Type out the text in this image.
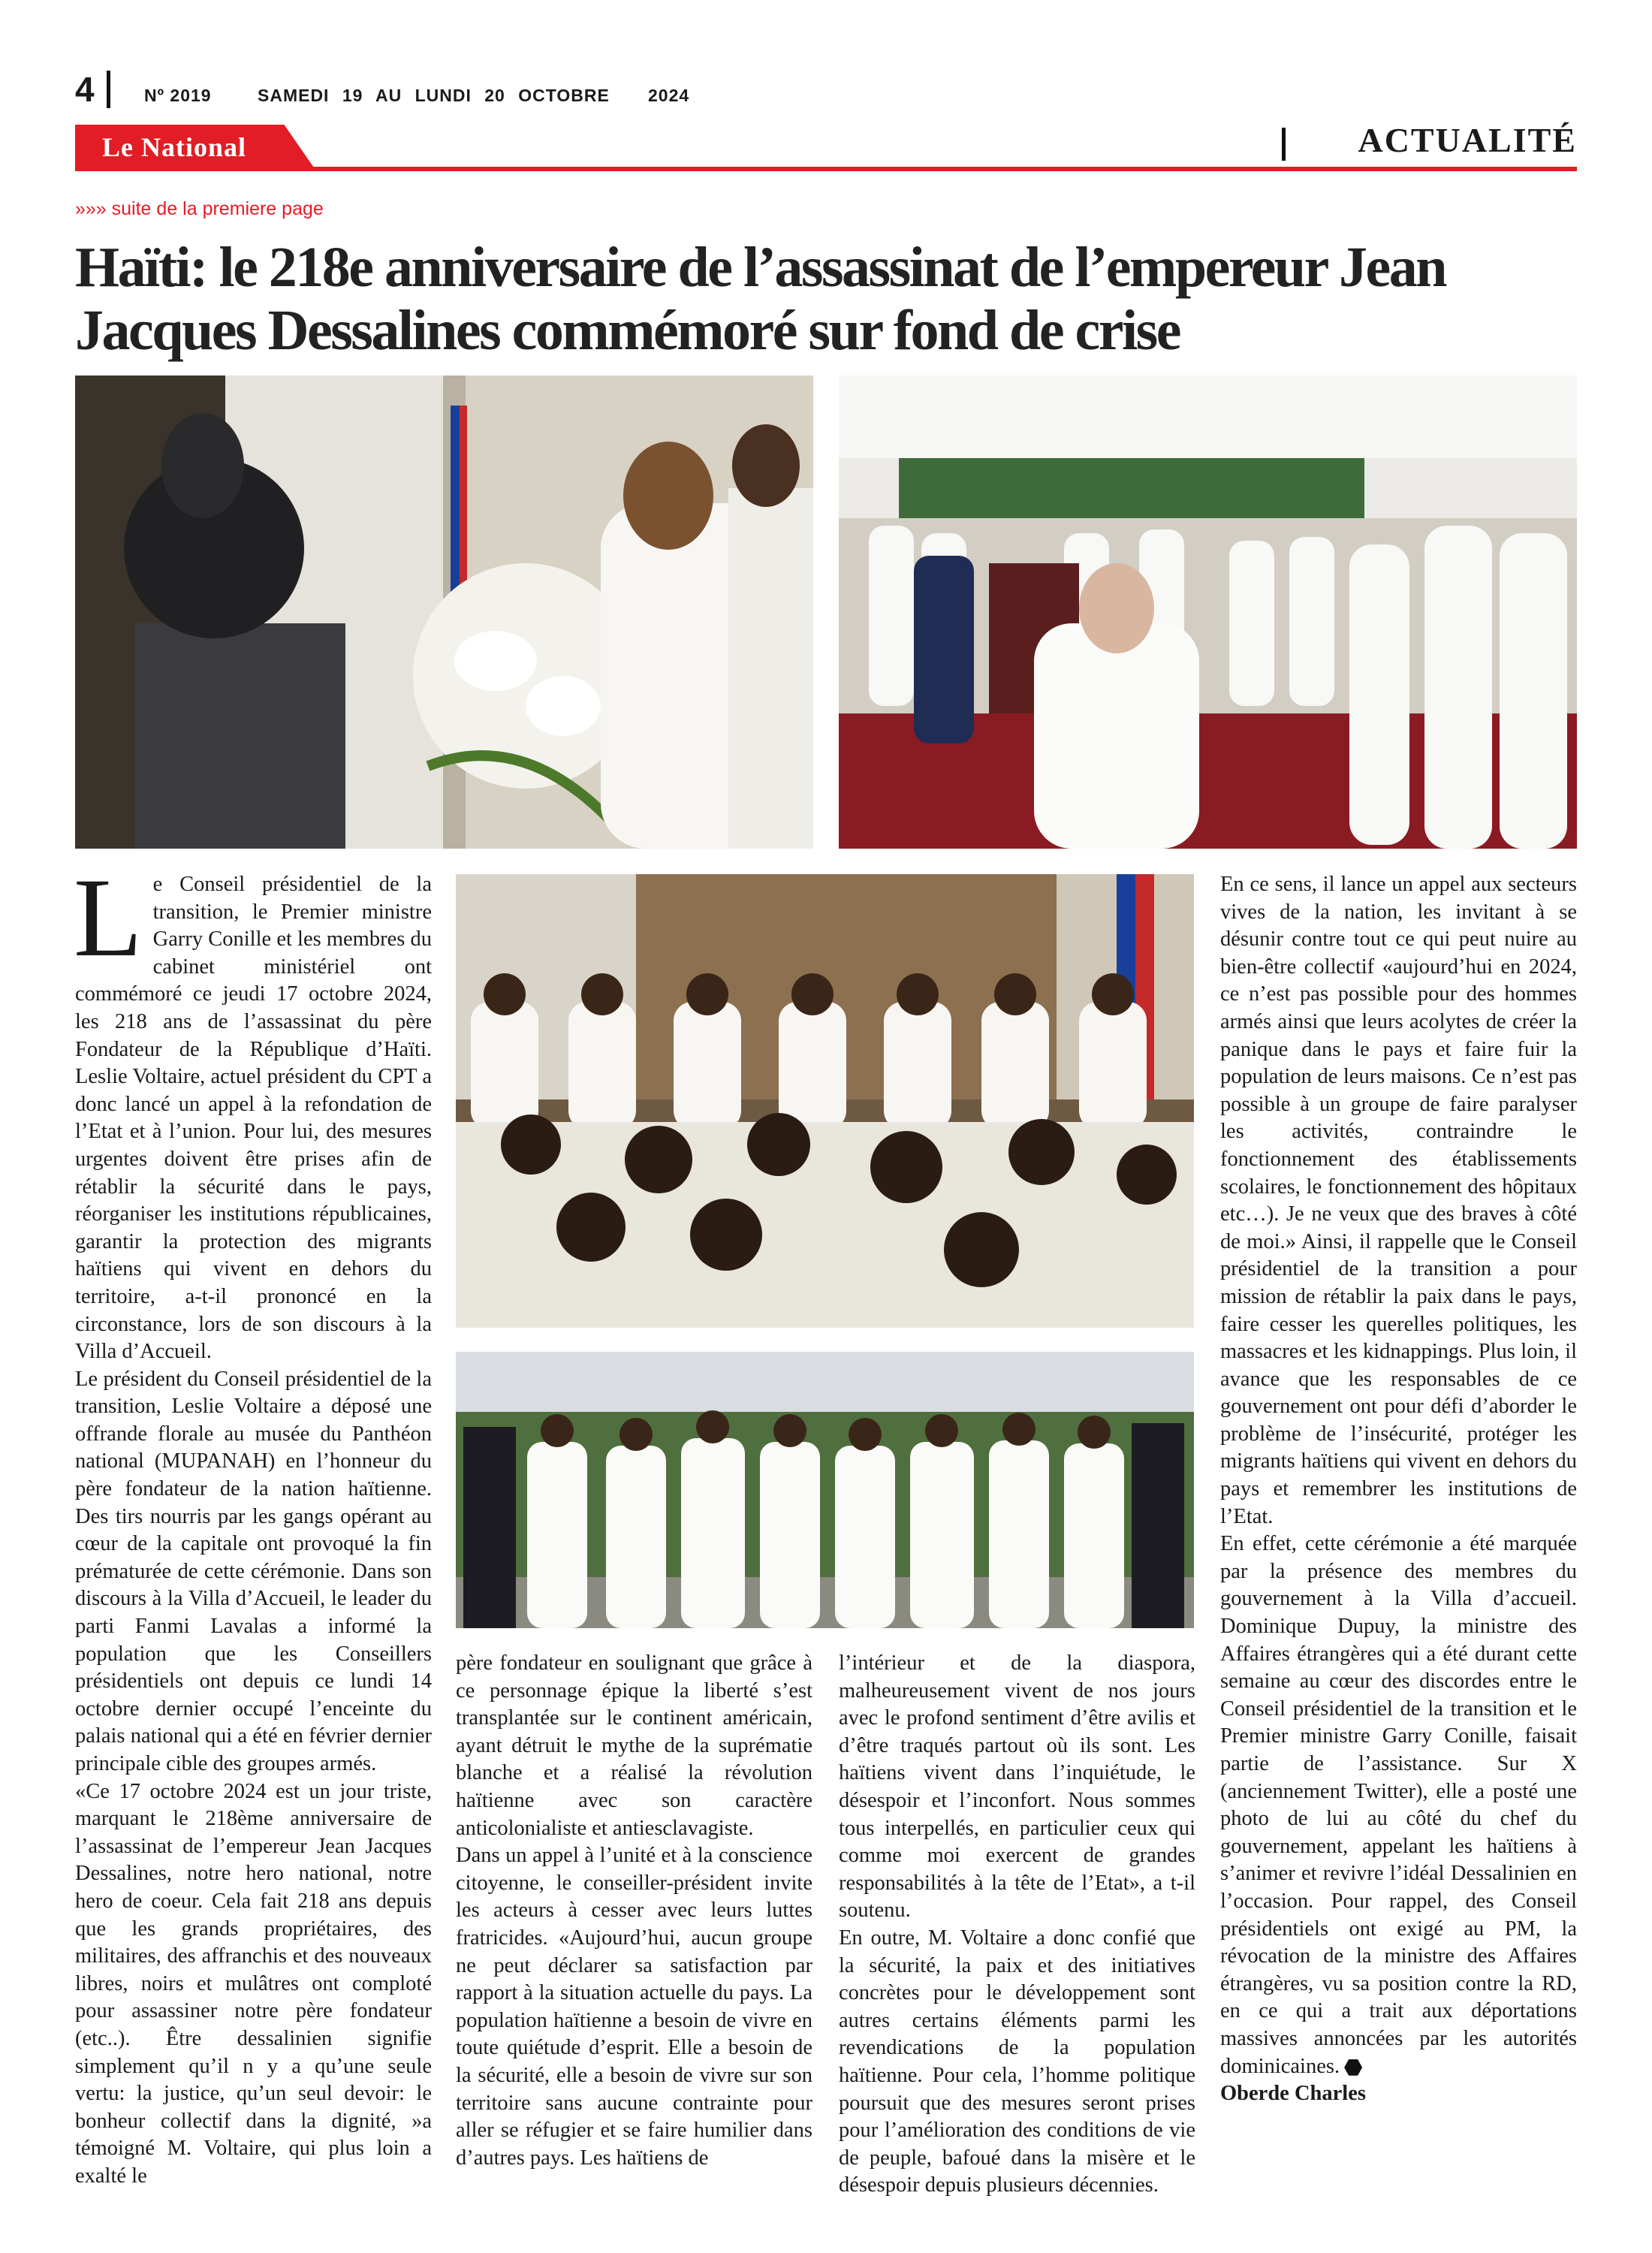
4	Nº 2019	SAMEDI 19 AU LUNDI 20 OCTOBRE 2024
Le National	ACTUALITÉ
»»» suite de la premiere page
Haïti: le 218e anniversaire de l’assassinat de l’empereur Jean Jacques Dessalines commémoré sur fond de crise

Le Conseil présidentiel de la transition, le Premier ministre Garry Conille et les membres du cabinet ministériel ont commémoré ce jeudi 17 octobre 2024, les 218 ans de l’assassinat du père Fondateur de la République d’Haïti. Leslie Voltaire, actuel président du CPT a donc lancé un appel à la refondation de l’Etat et à l’union. Pour lui, des mesures urgentes doivent être prises afin de rétablir la sécurité dans le pays, réorganiser les institutions républicaines, garantir la protection des migrants haïtiens qui vivent en dehors du territoire, a-t-il prononcé en la circonstance, lors de son discours à la Villa d’Accueil.

Le président du Conseil présidentiel de la transition, Leslie Voltaire a déposé une offrande florale au musée du Panthéon national (MUPANAH) en l’honneur du père fondateur de la nation haïtienne. Des tirs nourris par les gangs opérant au cœur de la capitale ont provoqué la fin prématurée de cette cérémonie. Dans son discours à la Villa d’Accueil, le leader du parti Fanmi Lavalas a informé la population que les Conseillers présidentiels ont depuis ce lundi 14 octobre dernier occupé l’enceinte du palais national qui a été en février dernier principale cible des groupes armés.

«Ce 17 octobre 2024 est un jour triste, marquant le 218ème anniversaire de l’assassinat de l’empereur Jean Jacques Dessalines, notre hero national, notre hero de coeur. Cela fait 218 ans depuis que les grands propriétaires, des militaires, des affranchis et des nouveaux libres, noirs et mulâtres ont comploté pour assassiner notre père fondateur (etc..). Être dessalinien signifie simplement qu’il n y a qu’une seule vertu: la justice, qu’un seul devoir: le bonheur collectif dans la dignité, »a témoigné M. Voltaire, qui plus loin a exalté le

père fondateur en soulignant que grâce à ce personnage épique la liberté s’est transplantée sur le continent américain, ayant détruit le mythe de la suprématie blanche et a réalisé la révolution haïtienne avec son caractère anticolonialiste et antiesclavagiste.

Dans un appel à l’unité et à la conscience citoyenne, le conseiller-président invite les acteurs à cesser avec leurs luttes fratricides. «Aujourd’hui, aucun groupe ne peut déclarer sa satisfaction par rapport à la situation actuelle du pays. La population haïtienne a besoin de vivre en toute quiétude d’esprit. Elle a besoin de la sécurité, elle a besoin de vivre sur son territoire sans aucune contrainte pour aller se réfugier et se faire humilier dans d’autres pays. Les haïtiens de

l’intérieur et de la diaspora, malheureusement vivent de nos jours avec le profond sentiment d’être avilis et d’être traqués partout où ils sont. Les haïtiens vivent dans l’inquiétude, le désespoir et l’inconfort. Nous sommes tous interpellés, en particulier ceux qui comme moi exercent de grandes responsabilités à la tête de l’Etat», a t-il soutenu.

En outre, M. Voltaire a donc confié que la sécurité, la paix et des initiatives concrètes pour le développement sont autres certains éléments parmi les revendications de la population haïtienne. Pour cela, l’homme politique poursuit que des mesures seront prises pour l’amélioration des conditions de vie de peuple, bafoué dans la misère et le désespoir depuis plusieurs décennies.

En ce sens, il lance un appel aux secteurs vives de la nation, les invitant à se désunir contre tout ce qui peut nuire au bien-être collectif «aujourd’hui en 2024, ce n’est pas possible pour des hommes armés ainsi que leurs acolytes de créer la panique dans le pays et faire fuir la population de leurs maisons. Ce n’est pas possible à un groupe de faire paralyser les activités, contraindre le fonctionnement des établissements scolaires, le fonctionnement des hôpitaux etc…). Je ne veux que des braves à côté de moi.» Ainsi, il rappelle que le Conseil présidentiel de la transition a pour mission de rétablir la paix dans le pays, faire cesser les querelles politiques, les massacres et les kidnappings. Plus loin, il avance que les responsables de ce gouvernement ont pour défi d’aborder le problème de l’insécurité, protéger les migrants haïtiens qui vivent en dehors du pays et remembrer les institutions de l’Etat.

En effet, cette cérémonie a été marquée par la présence des membres du gouvernement à la Villa d’accueil. Dominique Dupuy, la ministre des Affaires étrangères qui a été durant cette semaine au cœur des discordes entre le Conseil présidentiel de la transition et le Premier ministre Garry Conille, faisait partie de l’assistance. Sur X (anciennement Twitter), elle a posté une photo de lui au côté du chef du gouvernement, appelant les haïtiens à s’animer et revivre l’idéal Dessalinien en l’occasion. Pour rappel, des Conseil présidentiels ont exigé au PM, la révocation de la ministre des Affaires étrangères, vu sa position contre la RD, en ce qui a trait aux déportations massives annoncées par les autorités dominicaines.

Oberde Charles
